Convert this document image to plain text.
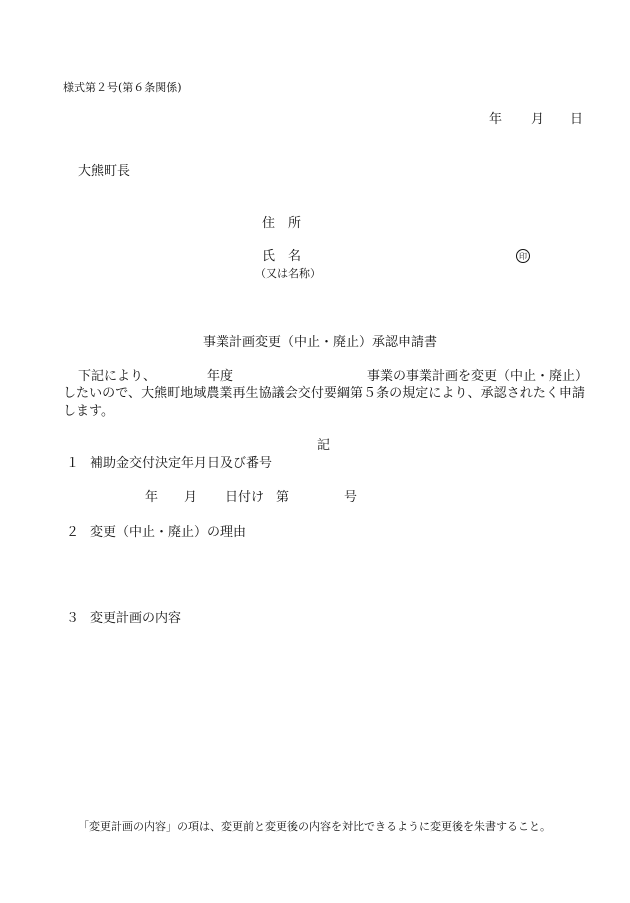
様式第２号(第６条関係)
年 月 日
大熊町長
住　所
氏　名	印
（又は名称）
事業計画変更（中止・廃止）承認申請書
下記により、	年度	事業の事業計画を変更（中止・廃止）
したいので、大熊町地域農業再生協議会交付要綱第５条の規定により、承認されたく申請します。
記
１ 補助金交付決定年月日及び番号
年 月 日付け 第	号
２ 変更（中止・廃止）の理由
３ 変更計画の内容
「変更計画の内容」の項は、変更前と変更後の内容を対比できるように変更後を朱書すること。
